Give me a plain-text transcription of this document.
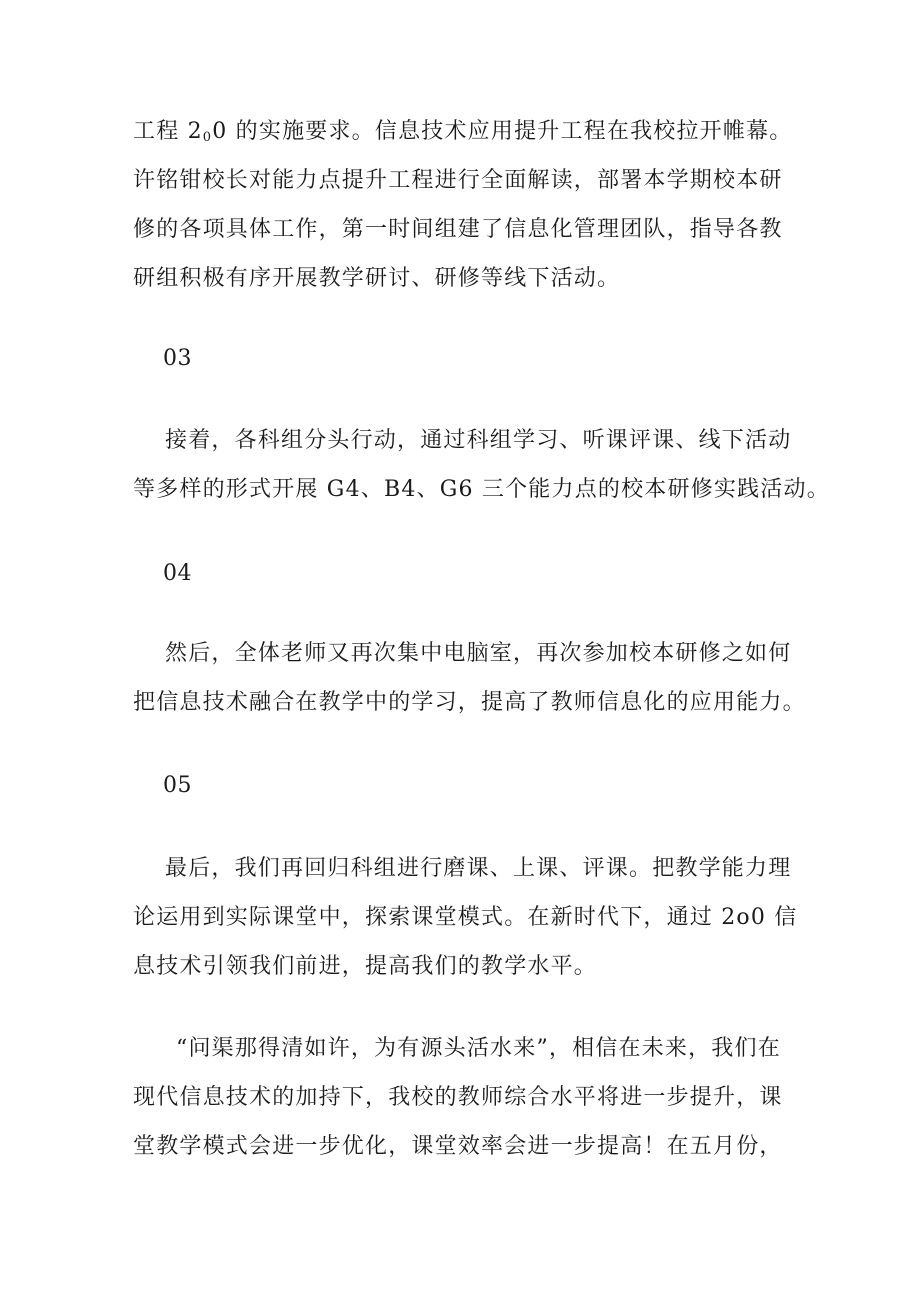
工程 $2_00$ 的实施要求。信息技术应用提升工程在我校拉开帷幕。
许铭钳校长对能力点提升工程进行全面解读，部署本学期校本研
修的各项具体工作，第一时间组建了信息化管理团队，指导各教
研组积极有序开展教学研讨、研修等线下活动。
03
接着，各科组分头行动，通过科组学习、听课评课、线下活动
等多样的形式开展 G4、B4、G6 三个能力点的校本研修实践活动。
04
然后，全体老师又再次集中电脑室，再次参加校本研修之如何
把信息技术融合在教学中的学习，提高了教师信息化的应用能力。
05
最后，我们再回归科组进行磨课、上课、评课。把教学能力理
论运用到实际课堂中，探索课堂模式。在新时代下，通过 2o0 信
息技术引领我们前进，提高我们的教学水平。
“问渠那得清如许，为有源头活水来”，相信在未来，我们在
现代信息技术的加持下，我校的教师综合水平将进一步提升，课
堂教学模式会进一步优化，课堂效率会进一步提高！在五月份，
